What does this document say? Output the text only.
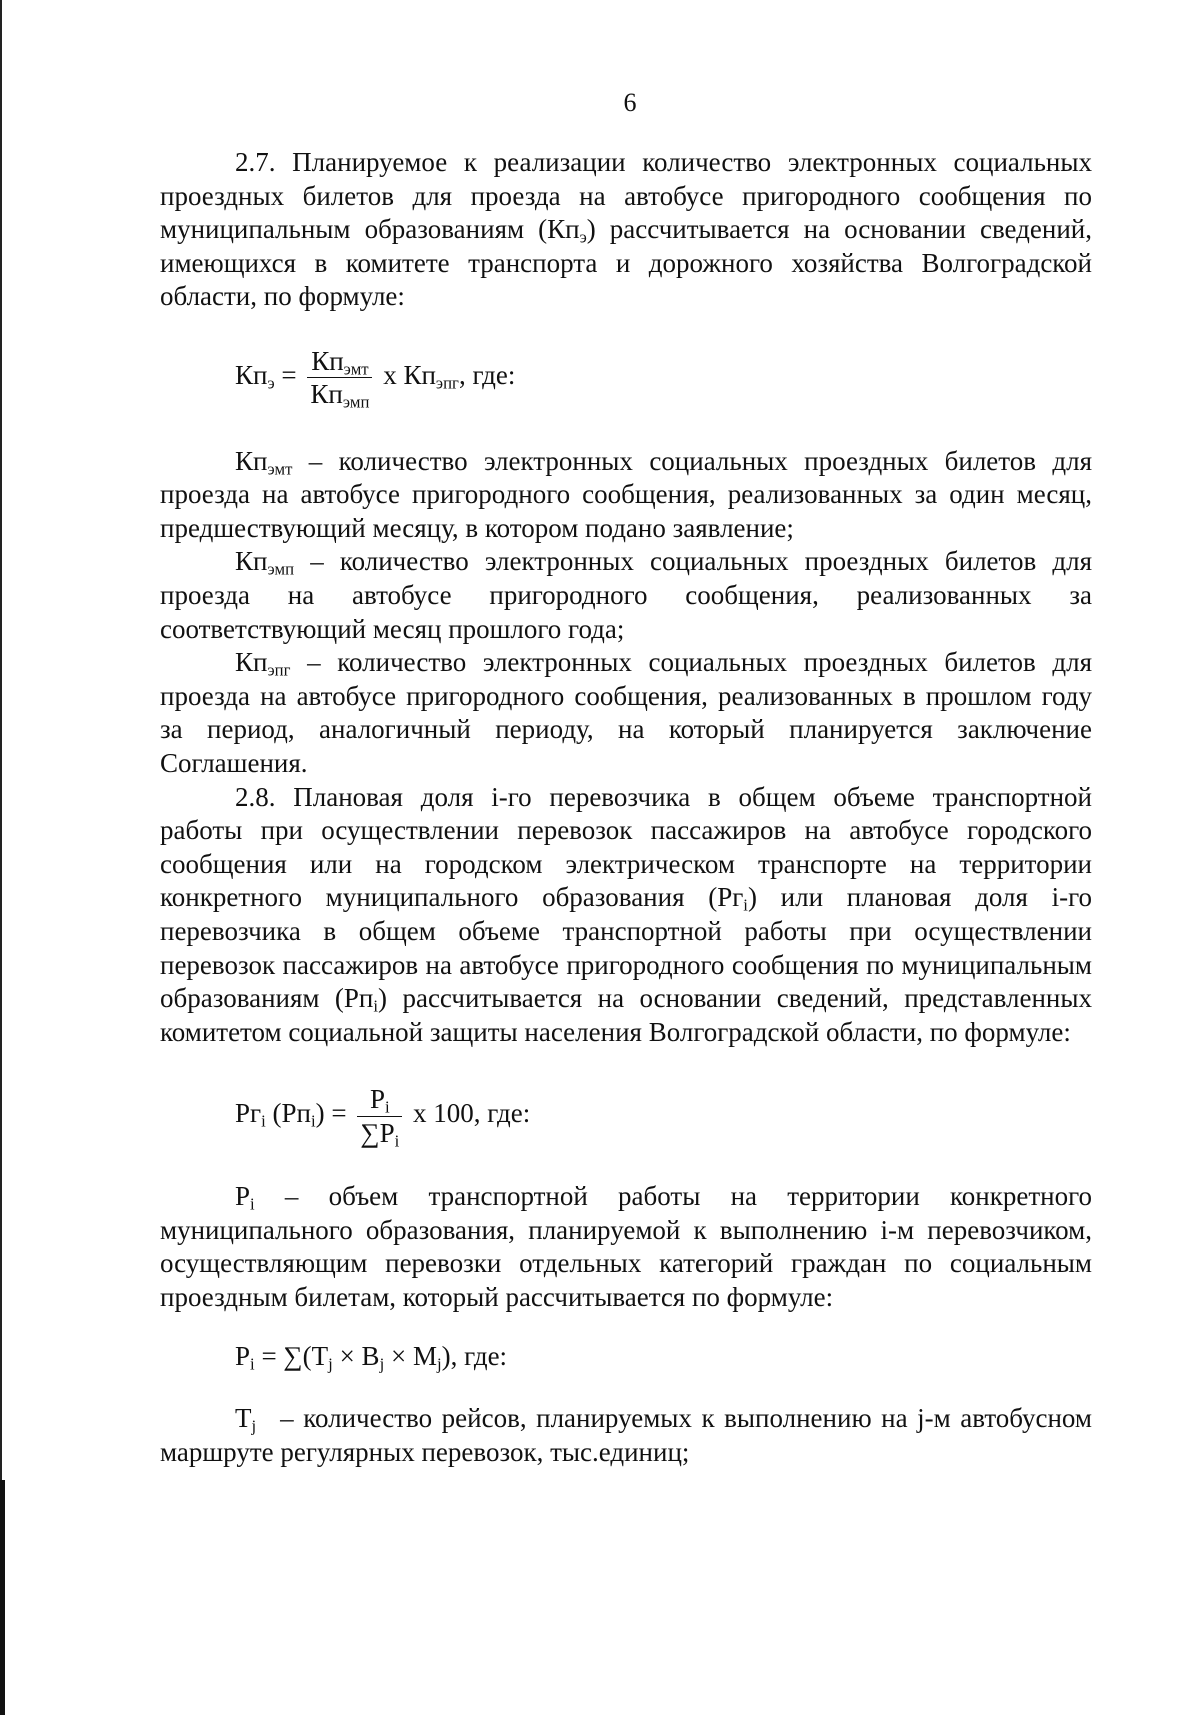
6

2.7. Планируемое к реализации количество электронных социальных проездных билетов для проезда на автобусе пригородного сообщения по муниципальным образованиям $(Кп_э)$ рассчитывается на основании сведений, имеющихся в комитете транспорта и дорожного хозяйства Волгоградской области, по формуле:

$Кп_э = \frac{Кп_{эмт}}{Кп_{эмп}}$ х $Кп_{эпг}$, где:

$Кп_{эмт}$ – количество электронных социальных проездных билетов для проезда на автобусе пригородного сообщения, реализованных за один месяц, предшествующий месяцу, в котором подано заявление;

$Кп_{эмп}$ – количество электронных социальных проездных билетов для проезда на автобусе пригородного сообщения, реализованных за соответствующий месяц прошлого года;

$Кп_{эпг}$ – количество электронных социальных проездных билетов для проезда на автобусе пригородного сообщения, реализованных в прошлом году за период, аналогичный периоду, на который планируется заключение Соглашения.

2.8. Плановая доля i-го перевозчика в общем объеме транспортной работы при осуществлении перевозок пассажиров на автобусе городского сообщения или на городском электрическом транспорте на территории конкретного муниципального образования $(Рг_i)$ или плановая доля i-го перевозчика в общем объеме транспортной работы при осуществлении перевозок пассажиров на автобусе пригородного сообщения по муниципальным образованиям $(Рп_i)$ рассчитывается на основании сведений, представленных комитетом социальной защиты населения Волгоградской области, по формуле:

$Рг_i$ $(Рп_i) = \frac{P_i}{\sum P_i}$ х 100, где:

$P_i$ – объем транспортной работы на территории конкретного муниципального образования, планируемой к выполнению i-м перевозчиком, осуществляющим перевозки отдельных категорий граждан по социальным проездным билетам, который рассчитывается по формуле:

$P_i = \sum(T_j \times B_j \times M_j)$, где:

$T_j$ – количество рейсов, планируемых к выполнению на j-м автобусном маршруте регулярных перевозок, тыс.единиц;
